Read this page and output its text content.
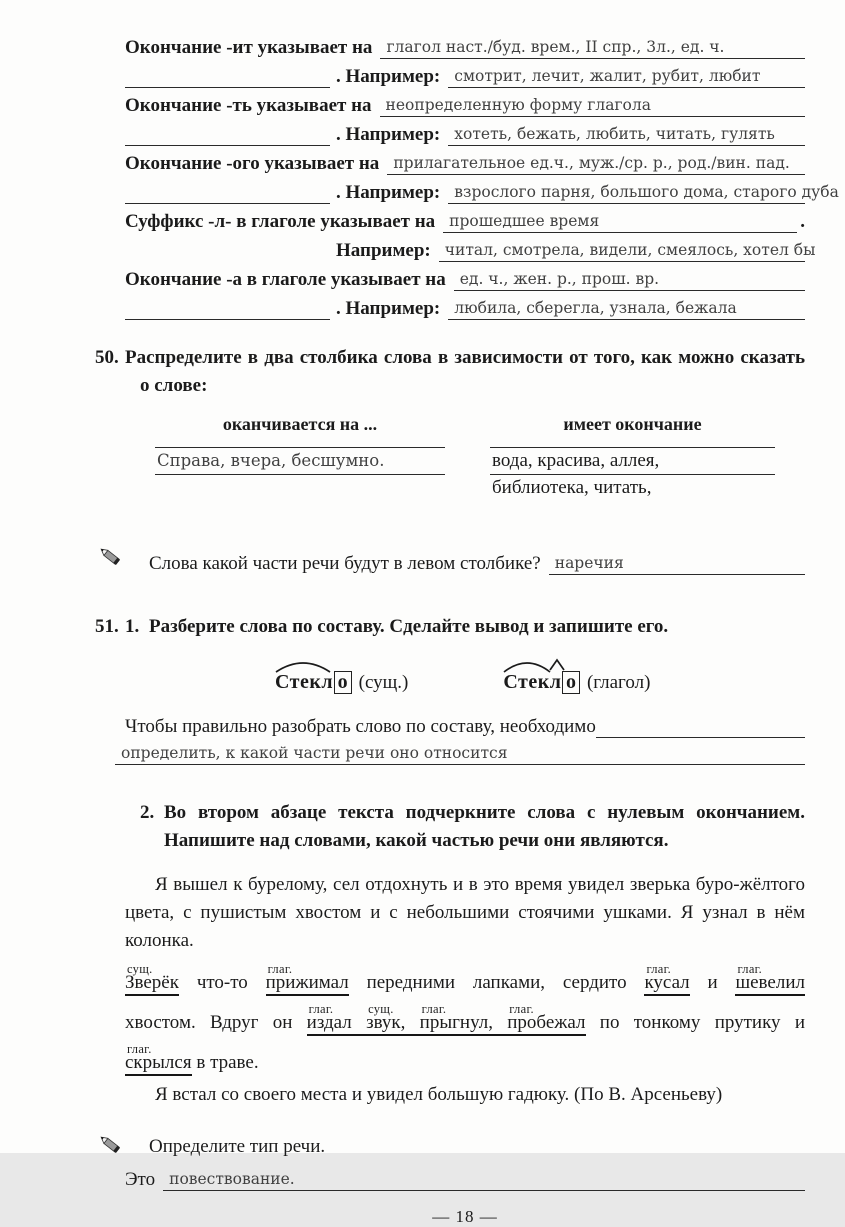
Окончание -ит указывает на глагол наст./буд. врем., II спр., 3л., ед. ч.
. Например: смотрит, лечит, жалит, рубит, любит
Окончание -ть указывает на неопределенную форму глагола
. Например: хотеть, бежать, любить, читать, гулять
Окончание -ого указывает на прилагательное ед.ч., муж./ср. р., род./вин. пад.
. Например: взрослого парня, большого дома, старого дуба
Суффикс -л- в глаголе указывает на прошедшее время	.
Например: читал, смотрела, видели, смеялось, хотел бы
Окончание -а в глаголе указывает на ед. ч., жен. р., прош. вр.
. Например: любила, сберегла, узнала, бежала
50. Распределите в два столбика слова в зависимости от того, как можно сказать
о слове:
оканчивается на ...	имеет окончание
Справа, вчера, бесшумно.	вода, красива, аллея,
библиотека, читать,
Слова какой части речи будут в левом столбике? наречия
51. 1. Разберите слова по составу. Сделайте вывод и запишите его.
Стекл о (сущ.)	Стекл о (глагол)
Чтобы правильно разобрать слово по составу, необходимо
определить, к какой части речи оно относится
2. Во втором абзаце текста подчеркните слова с нулевым окончанием.
Напишите над словами, какой частью речи они являются.
Я вышел к бурелому, сел отдохнуть и в это время увидел зверька буро-жёлтого
цвета, с пушистым хвостом и с небольшими стоячими ушками. Я узнал в нём
колонка.
сущ.
Зверёк что-то
глаг.
прижимал передними лапками, сердито
глаг.
кусал и
глаг.
шевелил
хвостом. Вдруг он
глаг.
издал
сущ.
звук,
глаг.
прыгнул,
глаг.
пробежал по тонкому прутику и
глаг.
скрылся в траве.
Я встал со своего места и увидел большую гадюку. (По В. Арсеньеву)
Определите тип речи.
Это повествование.
— 18 —
